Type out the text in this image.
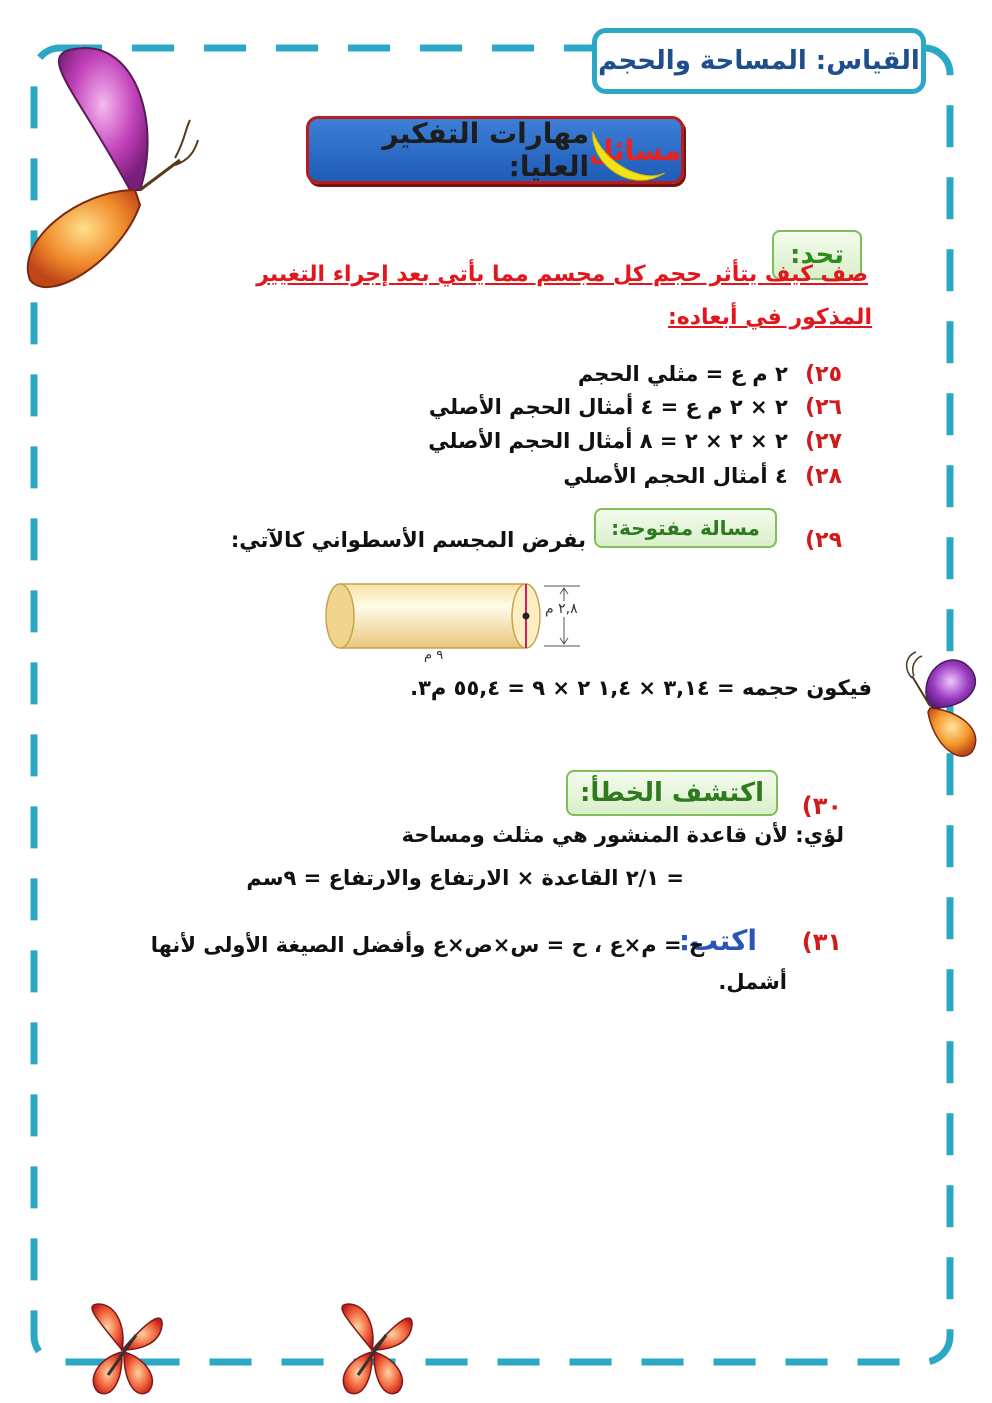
القياس: المساحة والحجم
مسائل
مهارات التفكير العليا:
تحد:
صف كيف يتأثر حجم كل مجسم مما يأتي بعد إجراء التغيير
المذكور في أبعاده:
٢٥) ٢ م ع = مثلي الحجم
٢٦) ٢ × ٢ م ع = ٤ أمثال الحجم الأصلي
٢٧) ٢ × ٢ × ٢ = ٨ أمثال الحجم الأصلي
٢٨) ٤ أمثال الحجم الأصلي
٢٩)
مسالة مفتوحة:
بفرض المجسم الأسطواني كالآتي:
٢,٨ م
٩ م
فيكون حجمه = ٣,١٤ × ١,٤ ٢ × ٩ = ٥٥,٤ م٣.
اكتشف الخطأ: ٣٠)
لؤي: لأن قاعدة المنشور هي مثلث ومساحة
= ٢/١ القاعدة × الارتفاع والارتفاع = ٩سم
٣١)
اكتب:
ح = م×ع ، ح = س×ص×ع وأفضل الصيغة الأولى لأنها
أشمل.
